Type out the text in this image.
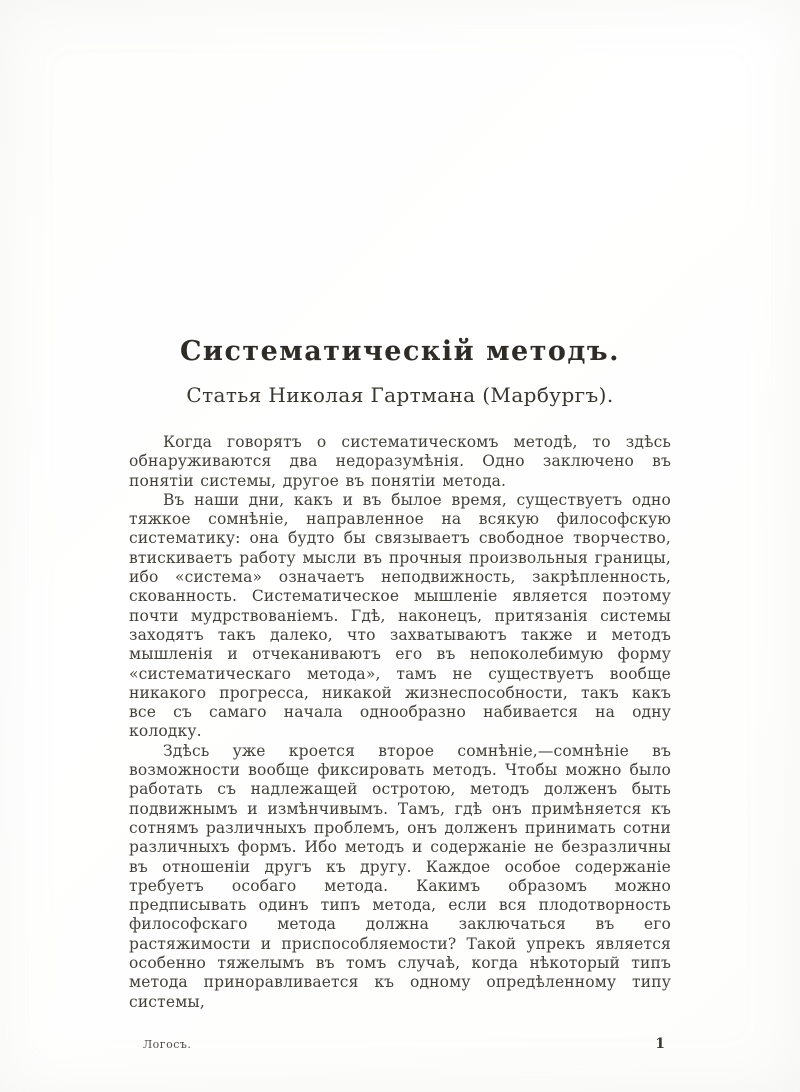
Систематическій методъ.
Статья Николая Гартмана (Марбургъ).

Когда говорятъ о систематическомъ методѣ, то здѣсь обнаруживаются два недоразумѣнія. Одно заключено въ понятіи системы, другое въ понятіи метода.

Въ наши дни, какъ и въ былое время, существуетъ одно тяжкое сомнѣніе, направленное на всякую философскую систематику: она будто бы связываетъ свободное творчество, втискиваетъ работу мысли въ прочныя произвольныя границы, ибо «система» означаетъ неподвижность, закрѣпленность, скованность. Систематическое мышленіе является поэтому почти мудрствованіемъ. Гдѣ, наконецъ, притязанія системы заходятъ такъ далеко, что захватываютъ также и методъ мышленія и отчеканиваютъ его въ непоколебимую форму «систематическаго метода», тамъ не существуетъ вообще никакого прогресса, никакой жизнеспособности, такъ какъ все съ самаго начала однообразно набивается на одну колодку.

Здѣсь уже кроется второе сомнѣніе,—сомнѣніе въ возможности вообще фиксировать методъ. Чтобы можно было работать съ надлежащей остротою, методъ долженъ быть подвижнымъ и измѣнчивымъ. Тамъ, гдѣ онъ примѣняется къ сотнямъ различныхъ проблемъ, онъ долженъ принимать сотни различныхъ формъ. Ибо методъ и содержаніе не безразличны въ отношеніи другъ къ другу. Каждое особое содержаніе требуетъ особаго метода. Какимъ образомъ можно предписывать одинъ типъ метода, если вся плодотворность философскаго метода должна заключаться въ его растяжимости и приспособляемости? Такой упрекъ является особенно тяжелымъ въ томъ случаѣ, когда нѣкоторый типъ метода приноравливается къ одному опредѣленному типу системы,

Логосъ.	1
